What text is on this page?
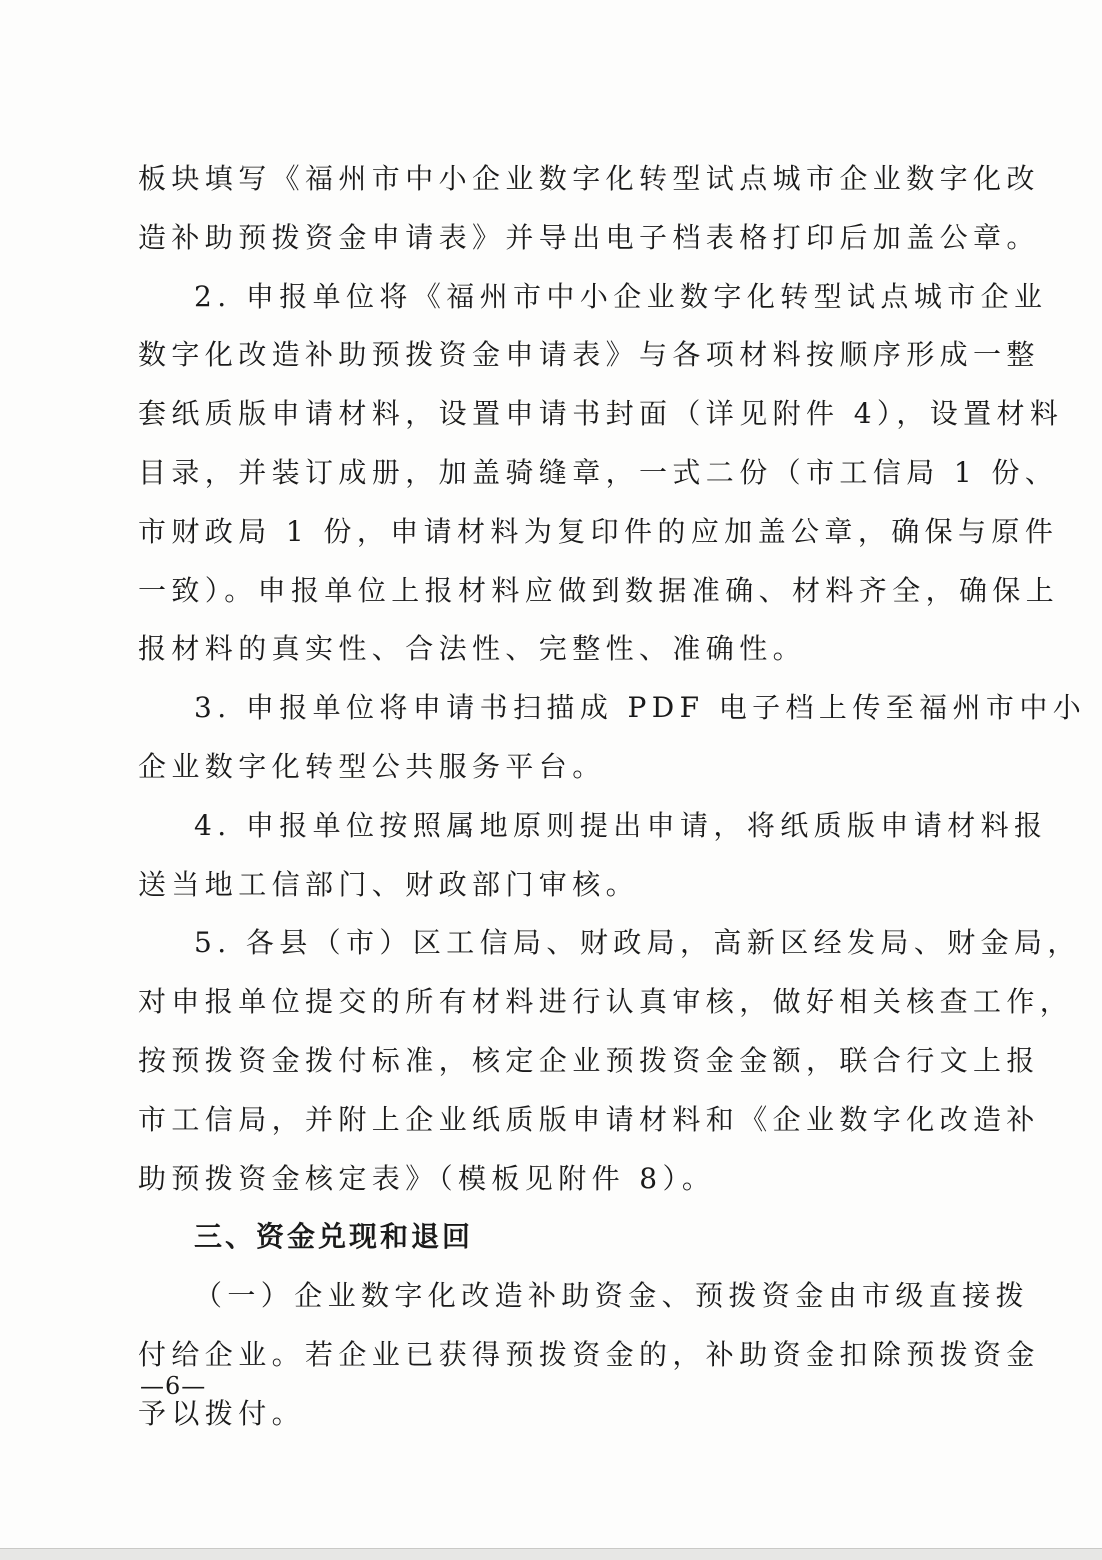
板块填写《福州市中小企业数字化转型试点城市企业数字化改
造补助预拨资金申请表》并导出电子档表格打印后加盖公章。
2. 申报单位将《福州市中小企业数字化转型试点城市企业
数字化改造补助预拨资金申请表》与各项材料按顺序形成一整
套纸质版申请材料，设置申请书封面（详见附件 4），设置材料
目录，并装订成册，加盖骑缝章，一式二份（市工信局 1 份、
市财政局 1 份，申请材料为复印件的应加盖公章，确保与原件
一致）。申报单位上报材料应做到数据准确、材料齐全，确保上
报材料的真实性、合法性、完整性、准确性。
3. 申报单位将申请书扫描成 PDF 电子档上传至福州市中小
企业数字化转型公共服务平台。
4. 申报单位按照属地原则提出申请，将纸质版申请材料报
送当地工信部门、财政部门审核。
5. 各县（市）区工信局、财政局，高新区经发局、财金局，
对申报单位提交的所有材料进行认真审核，做好相关核查工作，
按预拨资金拨付标准，核定企业预拨资金金额，联合行文上报
市工信局，并附上企业纸质版申请材料和《企业数字化改造补
助预拨资金核定表》（模板见附件 8）。
三、资金兑现和退回
（一）企业数字化改造补助资金、预拨资金由市级直接拨
付给企业。若企业已获得预拨资金的，补助资金扣除预拨资金
予以拨付。
—6—
